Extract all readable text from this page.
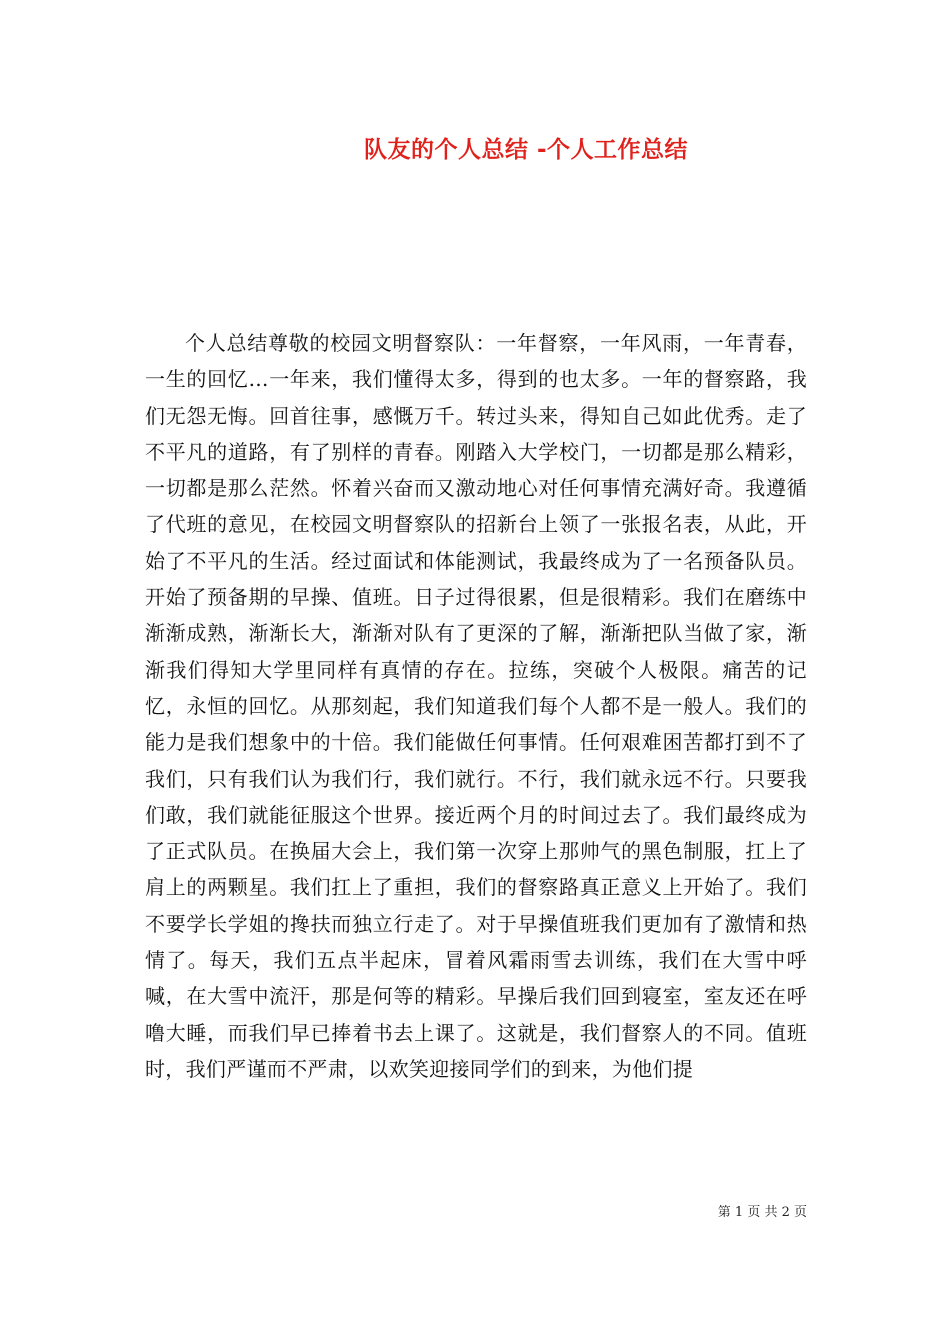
队友的个人总结 -个人工作总结

个人总结尊敬的校园文明督察队：一年督察，一年风雨，一年青春，一生的回忆…一年来，我们懂得太多，得到的也太多。一年的督察路，我们无怨无悔。回首往事，感慨万千。转过头来，得知自己如此优秀。走了不平凡的道路，有了别样的青春。刚踏入大学校门，一切都是那么精彩，一切都是那么茫然。怀着兴奋而又激动地心对任何事情充满好奇。我遵循了代班的意见，在校园文明督察队的招新台上领了一张报名表，从此，开始了不平凡的生活。经过面试和体能测试，我最终成为了一名预备队员。开始了预备期的早操、值班。日子过得很累，但是很精彩。我们在磨练中渐渐成熟，渐渐长大，渐渐对队有了更深的了解，渐渐把队当做了家，渐渐我们得知大学里同样有真情的存在。拉练，突破个人极限。痛苦的记忆，永恒的回忆。从那刻起，我们知道我们每个人都不是一般人。我们的能力是我们想象中的十倍。我们能做任何事情。任何艰难困苦都打到不了我们，只有我们认为我们行，我们就行。不行，我们就永远不行。只要我们敢，我们就能征服这个世界。接近两个月的时间过去了。我们最终成为了正式队员。在换届大会上，我们第一次穿上那帅气的黑色制服，扛上了肩上的两颗星。我们扛上了重担，我们的督察路真正意义上开始了。我们不要学长学姐的搀扶而独立行走了。对于早操值班我们更加有了激情和热情了。每天，我们五点半起床，冒着风霜雨雪去训练，我们在大雪中呼喊，在大雪中流汗，那是何等的精彩。早操后我们回到寝室，室友还在呼噜大睡，而我们早已捧着书去上课了。这就是，我们督察人的不同。值班时，我们严谨而不严肃，以欢笑迎接同学们的到来，为他们提

第 1 页 共 2 页
